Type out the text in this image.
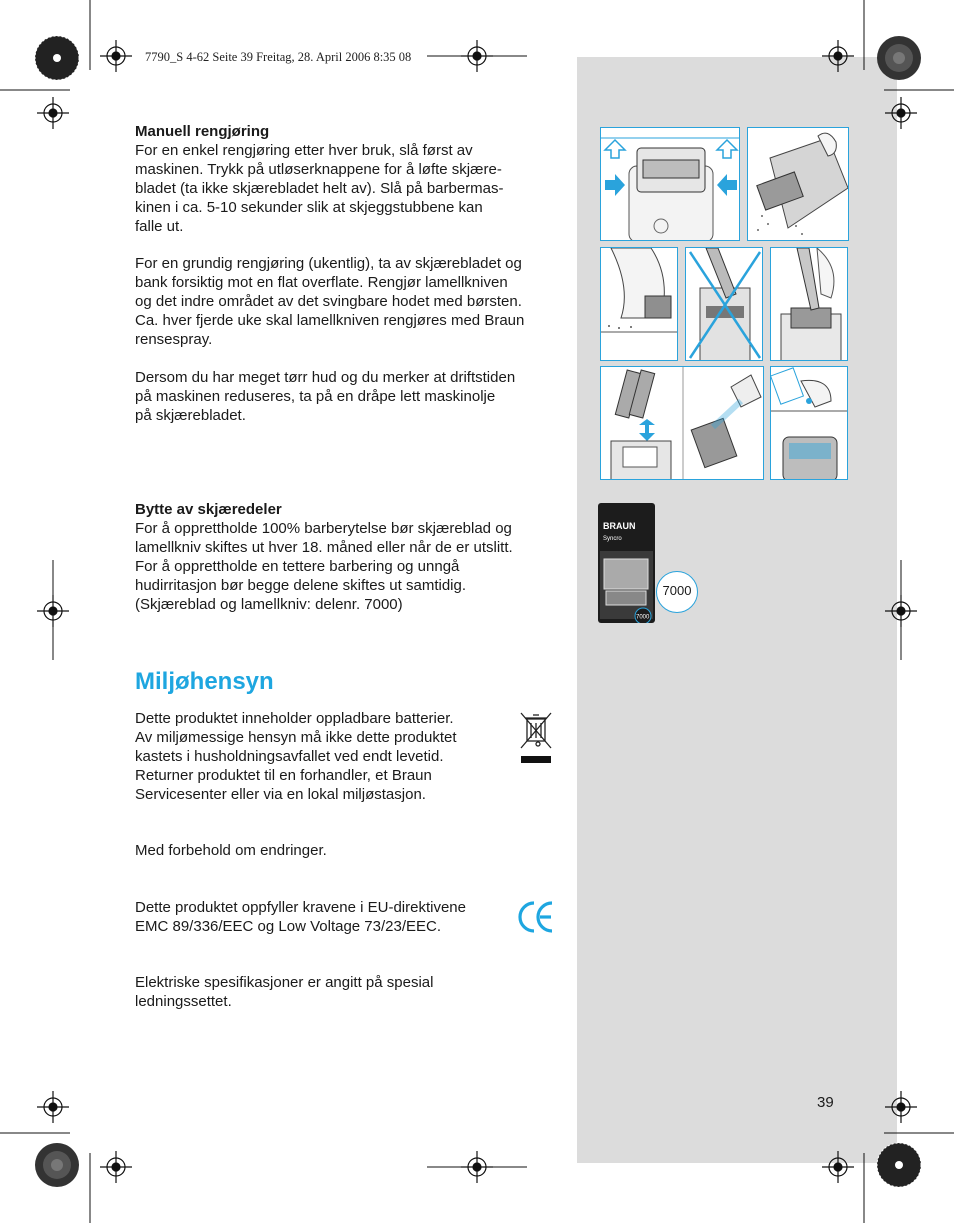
7790_S 4-62 Seite 39 Freitag, 28. April 2006 8:35 08
Manuell rengjøring
For en enkel rengjøring etter hver bruk, slå først av
maskinen. Trykk på utløserknappene for å løfte skjære-
bladet (ta ikke skjærebladet helt av). Slå på barbermas-
kinen i ca. 5-10 sekunder slik at skjeggstubbene kan
falle ut.
For en grundig rengjøring (ukentlig), ta av skjærebladet og
bank forsiktig mot en flat overflate. Rengjør lamellkniven
og det indre området av det svingbare hodet med børsten.
Ca. hver fjerde uke skal lamellkniven rengjøres med Braun
rensespray.
Dersom du har meget tørr hud og du merker at driftstiden
på maskinen reduseres, ta på en dråpe lett maskinolje
på skjærebladet.
Bytte av skjæredeler
For å opprettholde 100% barberytelse bør skjæreblad og
lamellkniv skiftes ut hver 18. måned eller når de er utslitt.
For å opprettholde en tettere barbering og unngå
hudirritasjon bør begge delene skiftes ut samtidig.
(Skjæreblad og lamellkniv: delenr. 7000)
Miljøhensyn
Dette produktet inneholder oppladbare batterier.
Av miljømessige hensyn må ikke dette produktet
kastets i husholdningsavfallet ved endt levetid.
Returner produktet til en forhandler, et Braun
Servicesenter eller via en lokal miljøstasjon.
Med forbehold om endringer.
Dette produktet oppfyller kravene i EU-direktivene
EMC 89/336/EEC og Low Voltage 73/23/EEC.
Elektriske spesifikasjoner er angitt på spesial
ledningssettet.
BRAUN
Syncro
7000
7000
39
